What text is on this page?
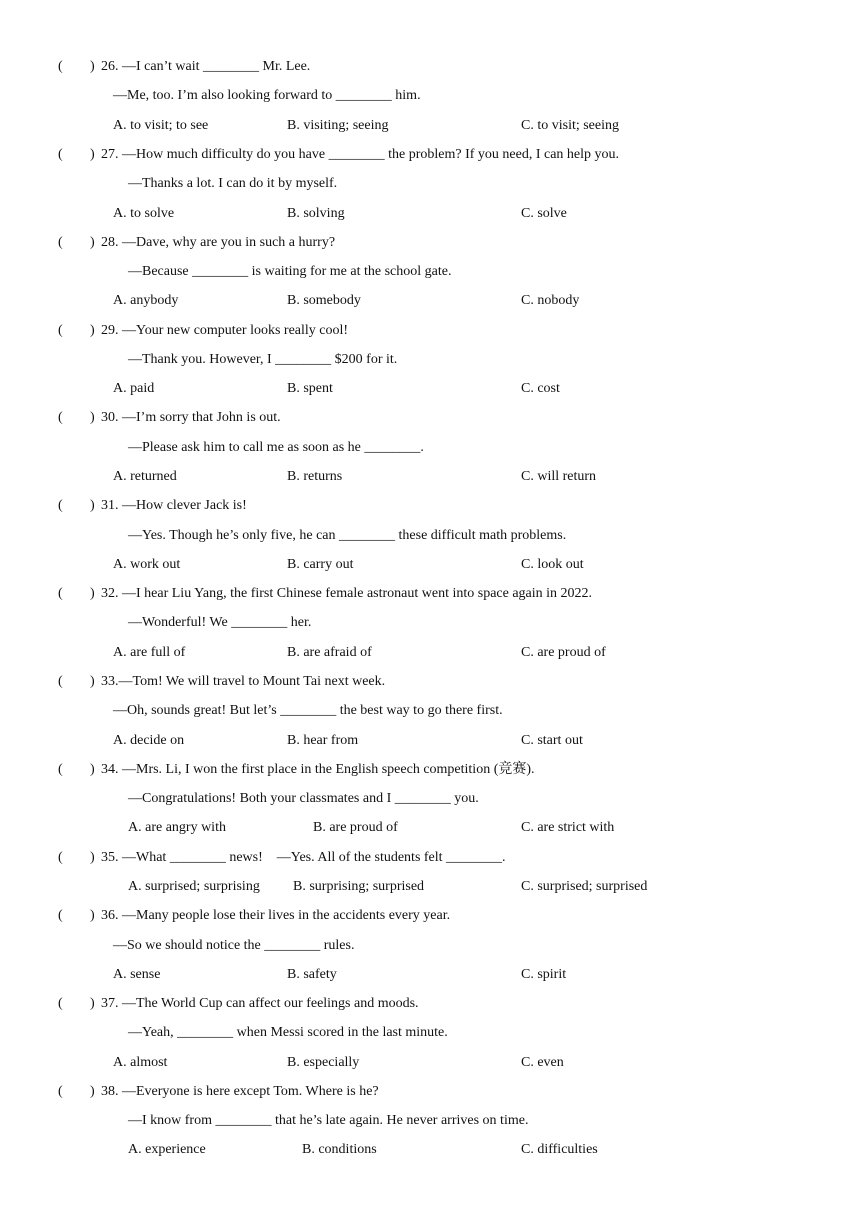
( ) 26. —I can’t wait ________ Mr. Lee.
—Me, too. I’m also looking forward to ________ him.
A. to visit; to see	B. visiting; seeing	C. to visit; seeing
( ) 27. —How much difficulty do you have ________ the problem? If you need, I can help you.
—Thanks a lot. I can do it by myself.
A. to solve	B. solving	C. solve
( ) 28. —Dave, why are you in such a hurry?
—Because ________ is waiting for me at the school gate.
A. anybody	B. somebody	C. nobody
( ) 29. —Your new computer looks really cool!
—Thank you. However, I ________ $200 for it.
A. paid	B. spent	C. cost
( ) 30. —I’m sorry that John is out.
—Please ask him to call me as soon as he ________.
A. returned	B. returns	C. will return
( ) 31. —How clever Jack is!
—Yes. Though he’s only five, he can ________ these difficult math problems.
A. work out	B. carry out	C. look out
( ) 32. —I hear Liu Yang, the first Chinese female astronaut went into space again in 2022.
—Wonderful! We ________ her.
A. are full of	B. are afraid of	C. are proud of
( ) 33.—Tom! We will travel to Mount Tai next week.
—Oh, sounds great! But let’s ________ the best way to go there first.
A. decide on	B. hear from	C. start out
( ) 34. —Mrs. Li, I won the first place in the English speech competition (竞赛).
—Congratulations! Both your classmates and I ________ you.
A. are angry with	B. are proud of	C. are strict with
( ) 35. —What ________ news!    —Yes. All of the students felt ________.
A. surprised; surprising B. surprising; surprised	C. surprised; surprised
( ) 36. —Many people lose their lives in the accidents every year.
—So we should notice the ________ rules.
A. sense	B. safety	C. spirit
( ) 37. —The World Cup can affect our feelings and moods.
—Yeah, ________ when Messi scored in the last minute.
A. almost	B. especially	C. even
( ) 38. —Everyone is here except Tom. Where is he?
—I know from ________ that he’s late again. He never arrives on time.
A. experience	B. conditions	C. difficulties
